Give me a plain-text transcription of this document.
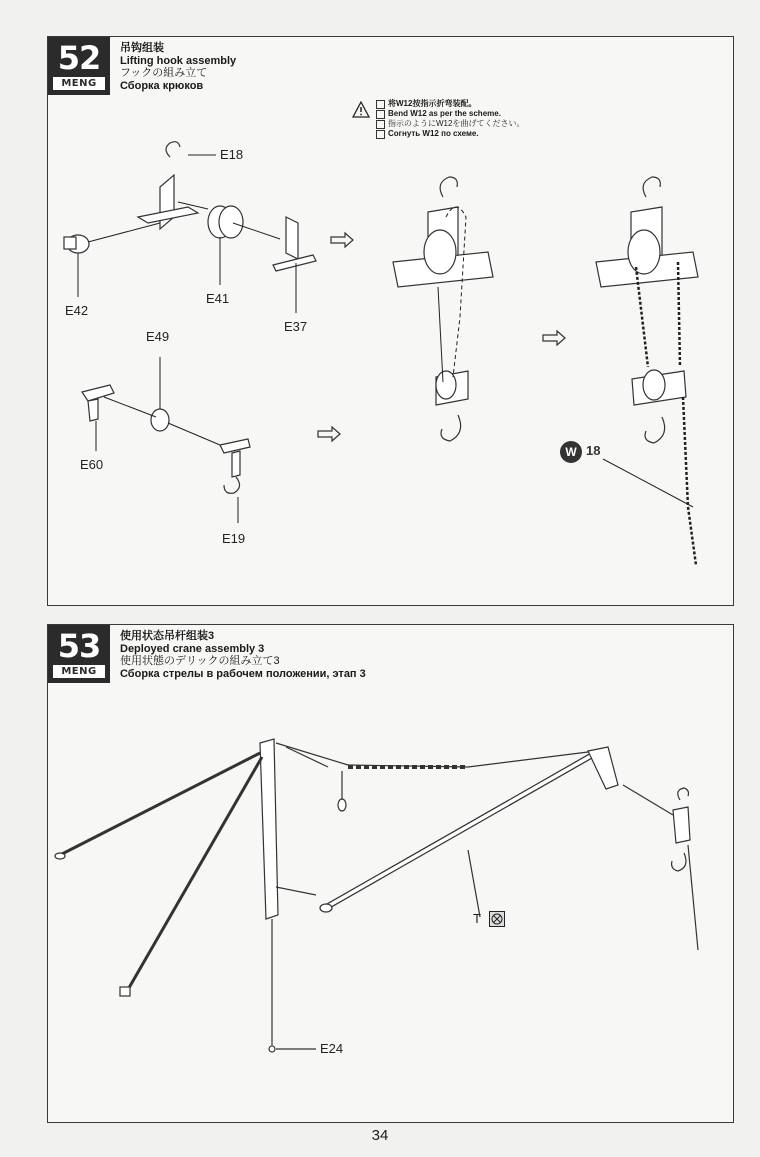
52
MENG
吊钩组装
Lifting hook assembly
フックの組み立て
Сборка крюков
将W12按指示折弯装配。
Bend W12 as per the scheme.
指示のようにW12を曲げてください。
Согнуть W12 по схеме.
E18
E42
E41
E37
E49
E60
E19
W 18
53
MENG
使用状态吊杆组装3
Deployed crane assembly 3
使用状態のデリックの組み立て3
Сборка стрелы в рабочем положении, этап 3
E24
T
34
